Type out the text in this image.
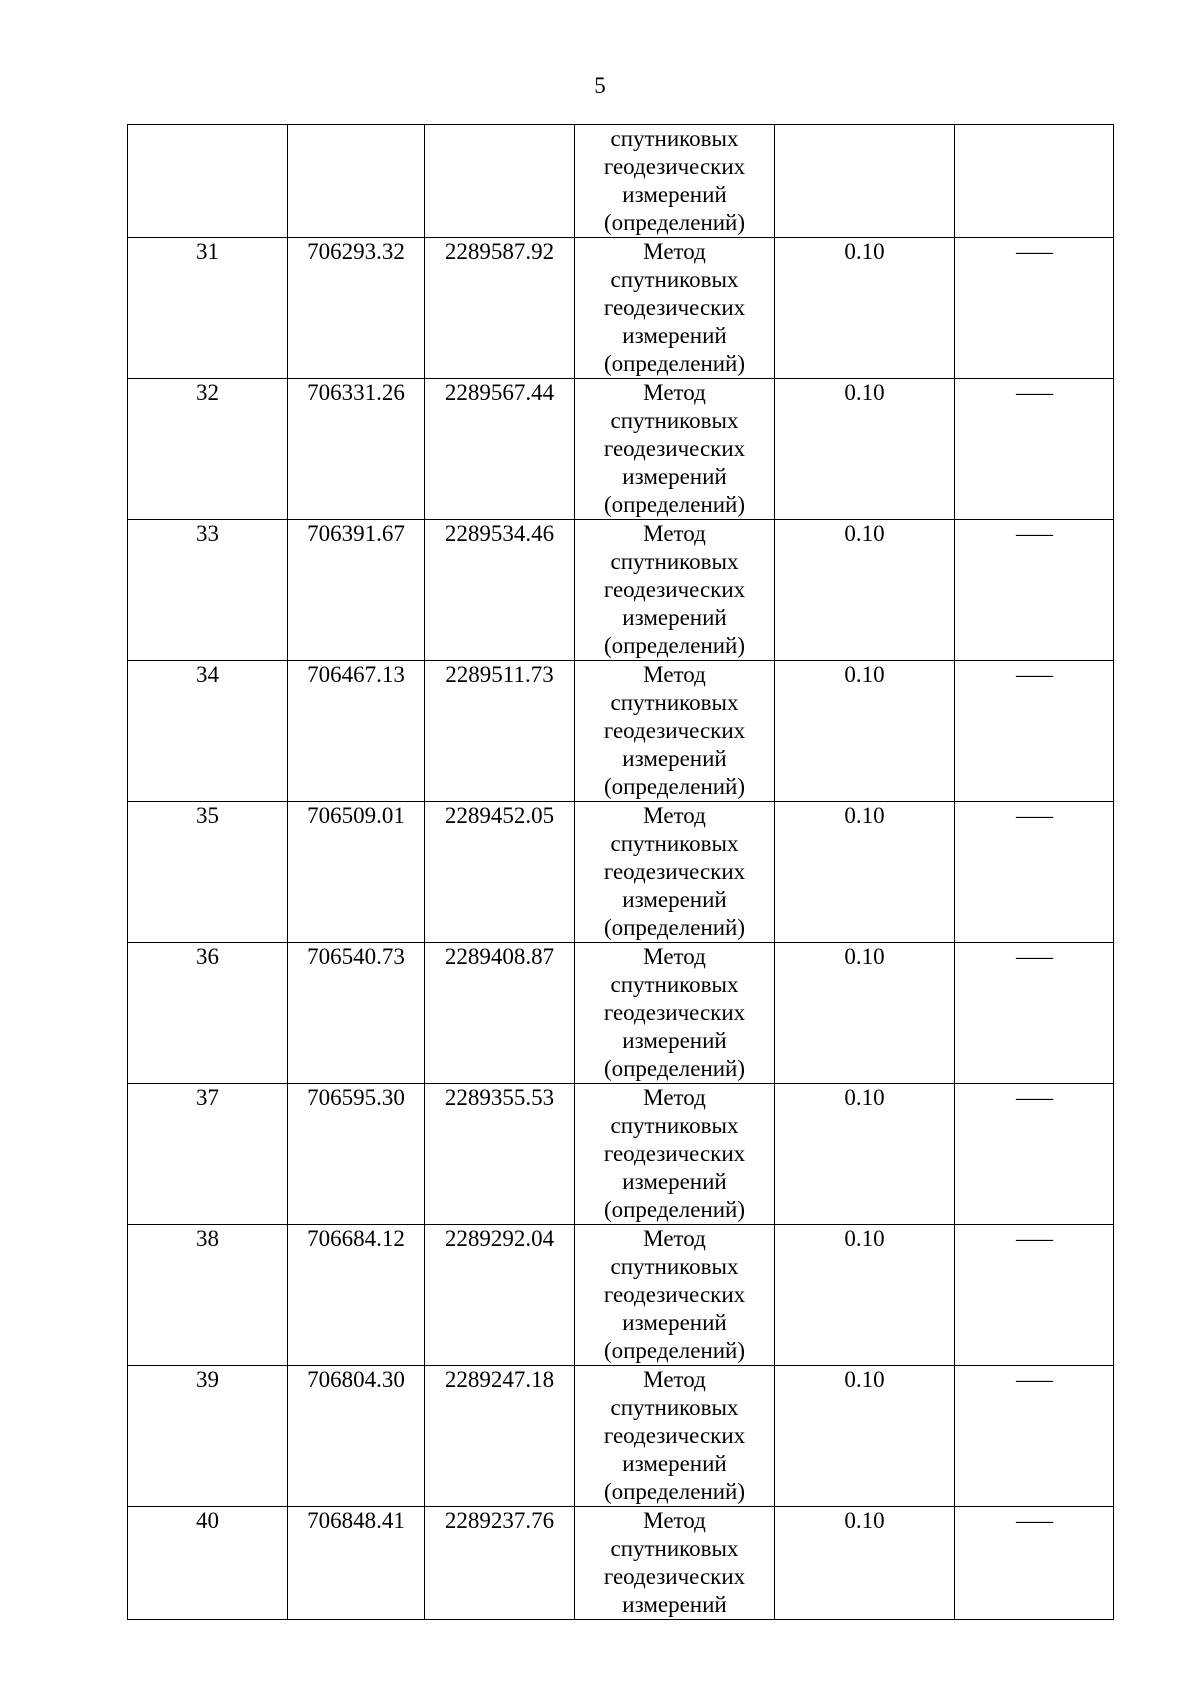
5

			спутниковых
геодезических
измерений
(определений)		

31	706293.32	2289587.92	Метод
спутниковых
геодезических
измерений
(определений)	0.10	—
32	706331.26	2289567.44	Метод
спутниковых
геодезических
измерений
(определений)	0.10	—
33	706391.67	2289534.46	Метод
спутниковых
геодезических
измерений
(определений)	0.10	—
34	706467.13	2289511.73	Метод
спутниковых
геодезических
измерений
(определений)	0.10	—
35	706509.01	2289452.05	Метод
спутниковых
геодезических
измерений
(определений)	0.10	—
36	706540.73	2289408.87	Метод
спутниковых
геодезических
измерений
(определений)	0.10	—
37	706595.30	2289355.53	Метод
спутниковых
геодезических
измерений
(определений)	0.10	—
38	706684.12	2289292.04	Метод
спутниковых
геодезических
измерений
(определений)	0.10	—
39	706804.30	2289247.18	Метод
спутниковых
геодезических
измерений
(определений)	0.10	—
40	706848.41	2289237.76	Метод
спутниковых
геодезических
измерений	0.10	—
